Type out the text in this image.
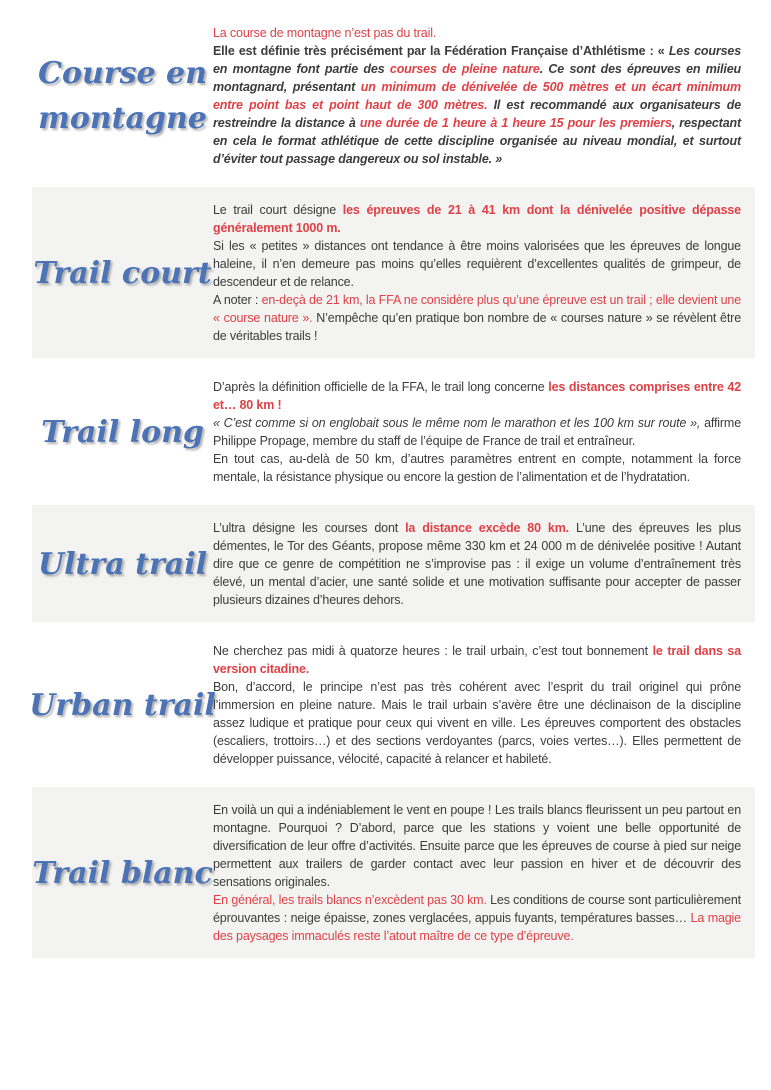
Course en
montagne

La course de montagne n’est pas du trail.

Elle est définie très précisément par la Fédération Française d’Athlétisme : « Les courses en montagne font partie des courses de pleine nature. Ce sont des épreuves en milieu montagnard, présentant un minimum de dénivelée de 500 mètres et un écart minimum entre point bas et point haut de 300 mètres. Il est recommandé aux organisateurs de restreindre la distance à une durée de 1 heure à 1 heure 15 pour les premiers, respectant en cela le format athlétique de cette discipline organisée au niveau mondial, et surtout d’éviter tout passage dangereux ou sol instable. »

Trail court

Le trail court désigne les épreuves de 21 à 41 km dont la dénivelée positive dépasse généralement 1000 m.

Si les « petites » distances ont tendance à être moins valorisées que les épreuves de longue haleine, il n’en demeure pas moins qu’elles requièrent d’excellentes qualités de grimpeur, de descendeur et de relance.

A noter : en-deçà de 21 km, la FFA ne considère plus qu’une épreuve est un trail ; elle devient une « course nature ». N’empêche qu’en pratique bon nombre de « courses nature » se révèlent être de véritables trails !

Trail long

D’après la définition officielle de la FFA, le trail long concerne les distances comprises entre 42 et… 80 km !

« C’est comme si on englobait sous le même nom le marathon et les 100 km sur route », affirme Philippe Propage, membre du staff de l’équipe de France de trail et entraîneur.

En tout cas, au-delà de 50 km, d’autres paramètres entrent en compte, notamment la force mentale, la résistance physique ou encore la gestion de l’alimentation et de l’hydratation.

Ultra trail

L’ultra désigne les courses dont la distance excède 80 km. L’une des épreuves les plus démentes, le Tor des Géants, propose même 330 km et 24 000 m de dénivelée positive ! Autant dire que ce genre de compétition ne s’improvise pas : il exige un volume d’entraînement très élevé, un mental d’acier, une santé solide et une motivation suffisante pour accepter de passer plusieurs dizaines d’heures dehors.

Urban trail

Ne cherchez pas midi à quatorze heures : le trail urbain, c’est tout bonnement le trail dans sa version citadine.

Bon, d’accord, le principe n’est pas très cohérent avec l’esprit du trail originel qui prône l’immersion en pleine nature. Mais le trail urbain s’avère être une déclinaison de la discipline assez ludique et pratique pour ceux qui vivent en ville. Les épreuves comportent des obstacles (escaliers, trottoirs…) et des sections verdoyantes (parcs, voies vertes…). Elles permettent de développer puissance, vélocité, capacité à relancer et habileté.

Trail blanc

En voilà un qui a indéniablement le vent en poupe ! Les trails blancs fleurissent un peu partout en montagne. Pourquoi ? D’abord, parce que les stations y voient une belle opportunité de diversification de leur offre d’activités. Ensuite parce que les épreuves de course à pied sur neige permettent aux trailers de garder contact avec leur passion en hiver et de découvrir des sensations originales.

En général, les trails blancs n’excèdent pas 30 km. Les conditions de course sont particulièrement éprouvantes : neige épaisse, zones verglacées, appuis fuyants, températures basses… La magie des paysages immaculés reste l’atout maître de ce type d’épreuve.
